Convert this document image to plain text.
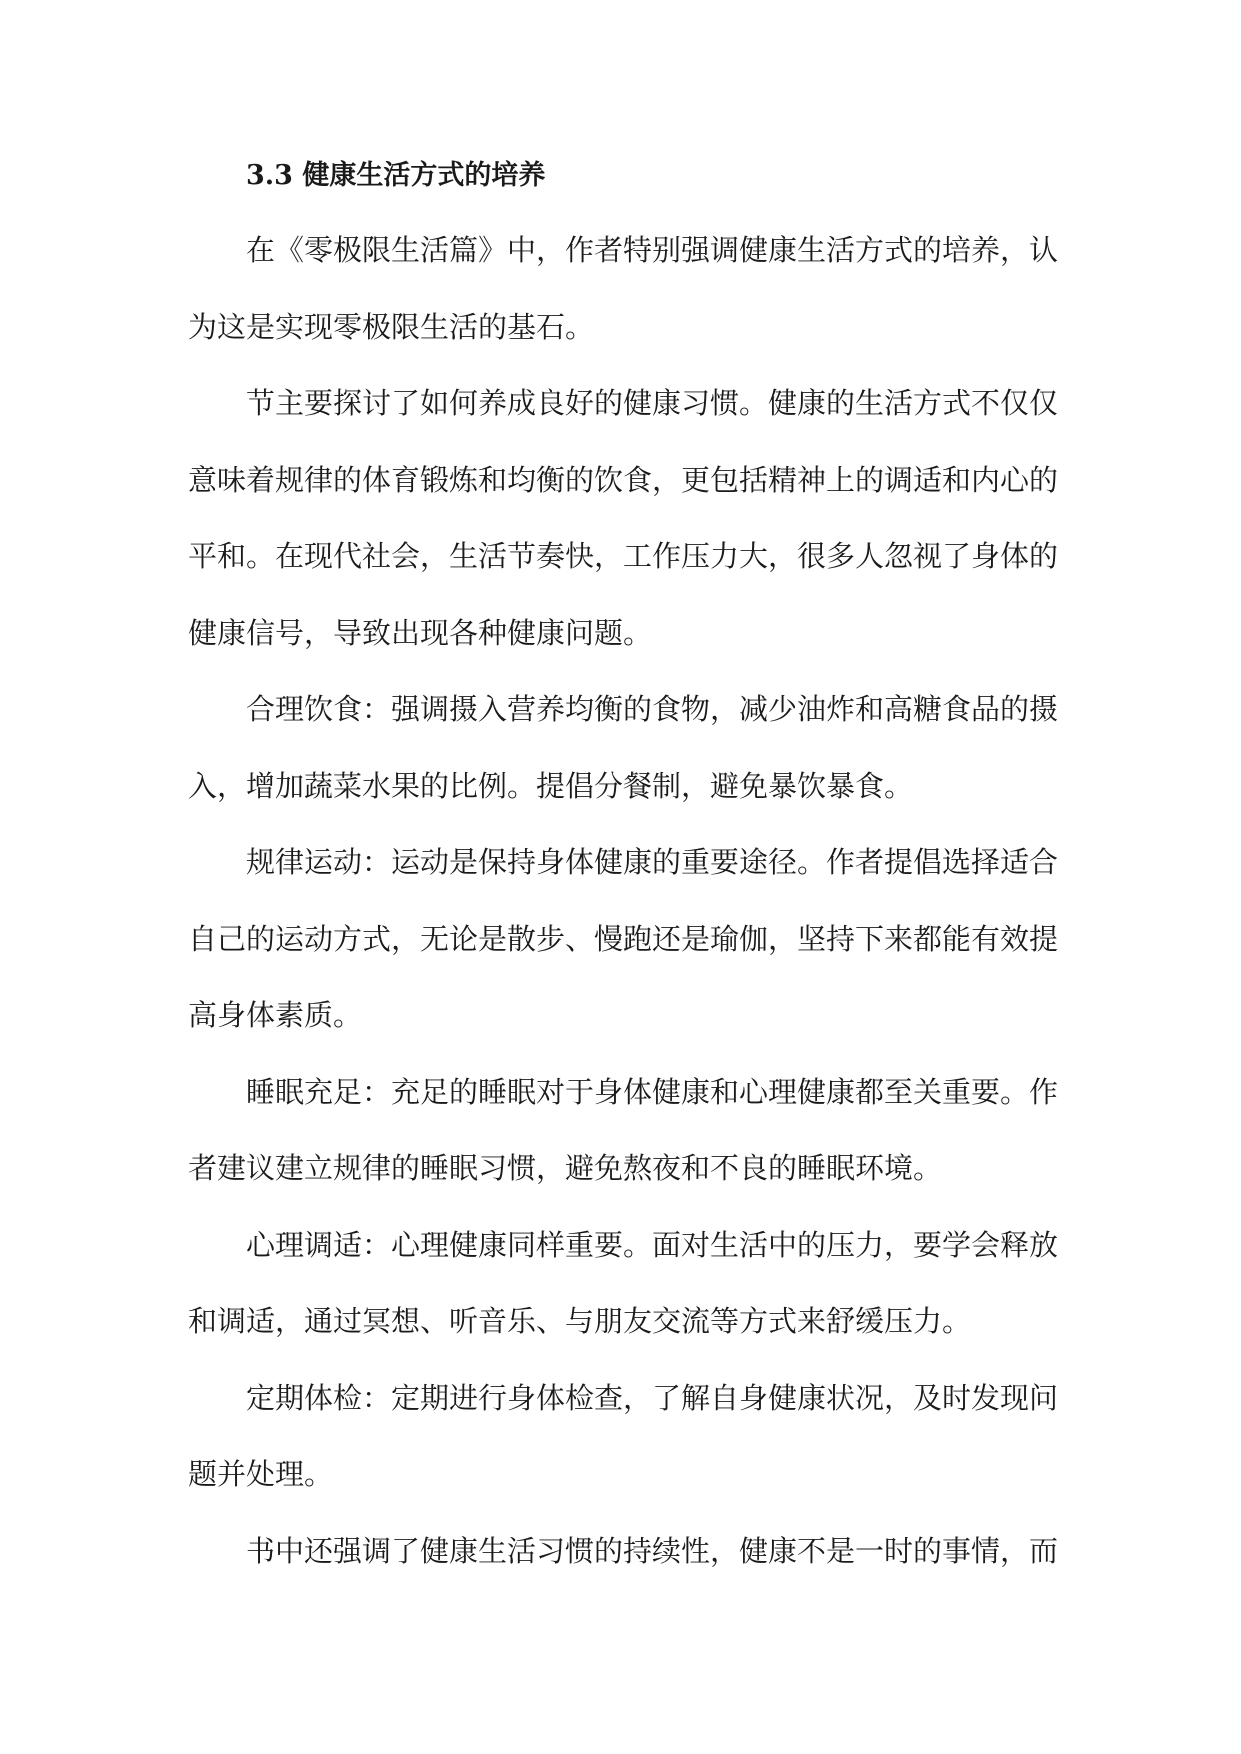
3.3 健康生活方式的培养

在《零极限生活篇》中，作者特别强调健康生活方式的培养，认为这是实现零极限生活的基石。

节主要探讨了如何养成良好的健康习惯。健康的生活方式不仅仅意味着规律的体育锻炼和均衡的饮食，更包括精神上的调适和内心的平和。在现代社会，生活节奏快，工作压力大，很多人忽视了身体的健康信号，导致出现各种健康问题。

合理饮食：强调摄入营养均衡的食物，减少油炸和高糖食品的摄入，增加蔬菜水果的比例。提倡分餐制，避免暴饮暴食。

规律运动：运动是保持身体健康的重要途径。作者提倡选择适合自己的运动方式，无论是散步、慢跑还是瑜伽，坚持下来都能有效提高身体素质。

睡眠充足：充足的睡眠对于身体健康和心理健康都至关重要。作者建议建立规律的睡眠习惯，避免熬夜和不良的睡眠环境。

心理调适：心理健康同样重要。面对生活中的压力，要学会释放和调适，通过冥想、听音乐、与朋友交流等方式来舒缓压力。

定期体检：定期进行身体检查，了解自身健康状况，及时发现问题并处理。

书中还强调了健康生活习惯的持续性，健康不是一时的事情，而
